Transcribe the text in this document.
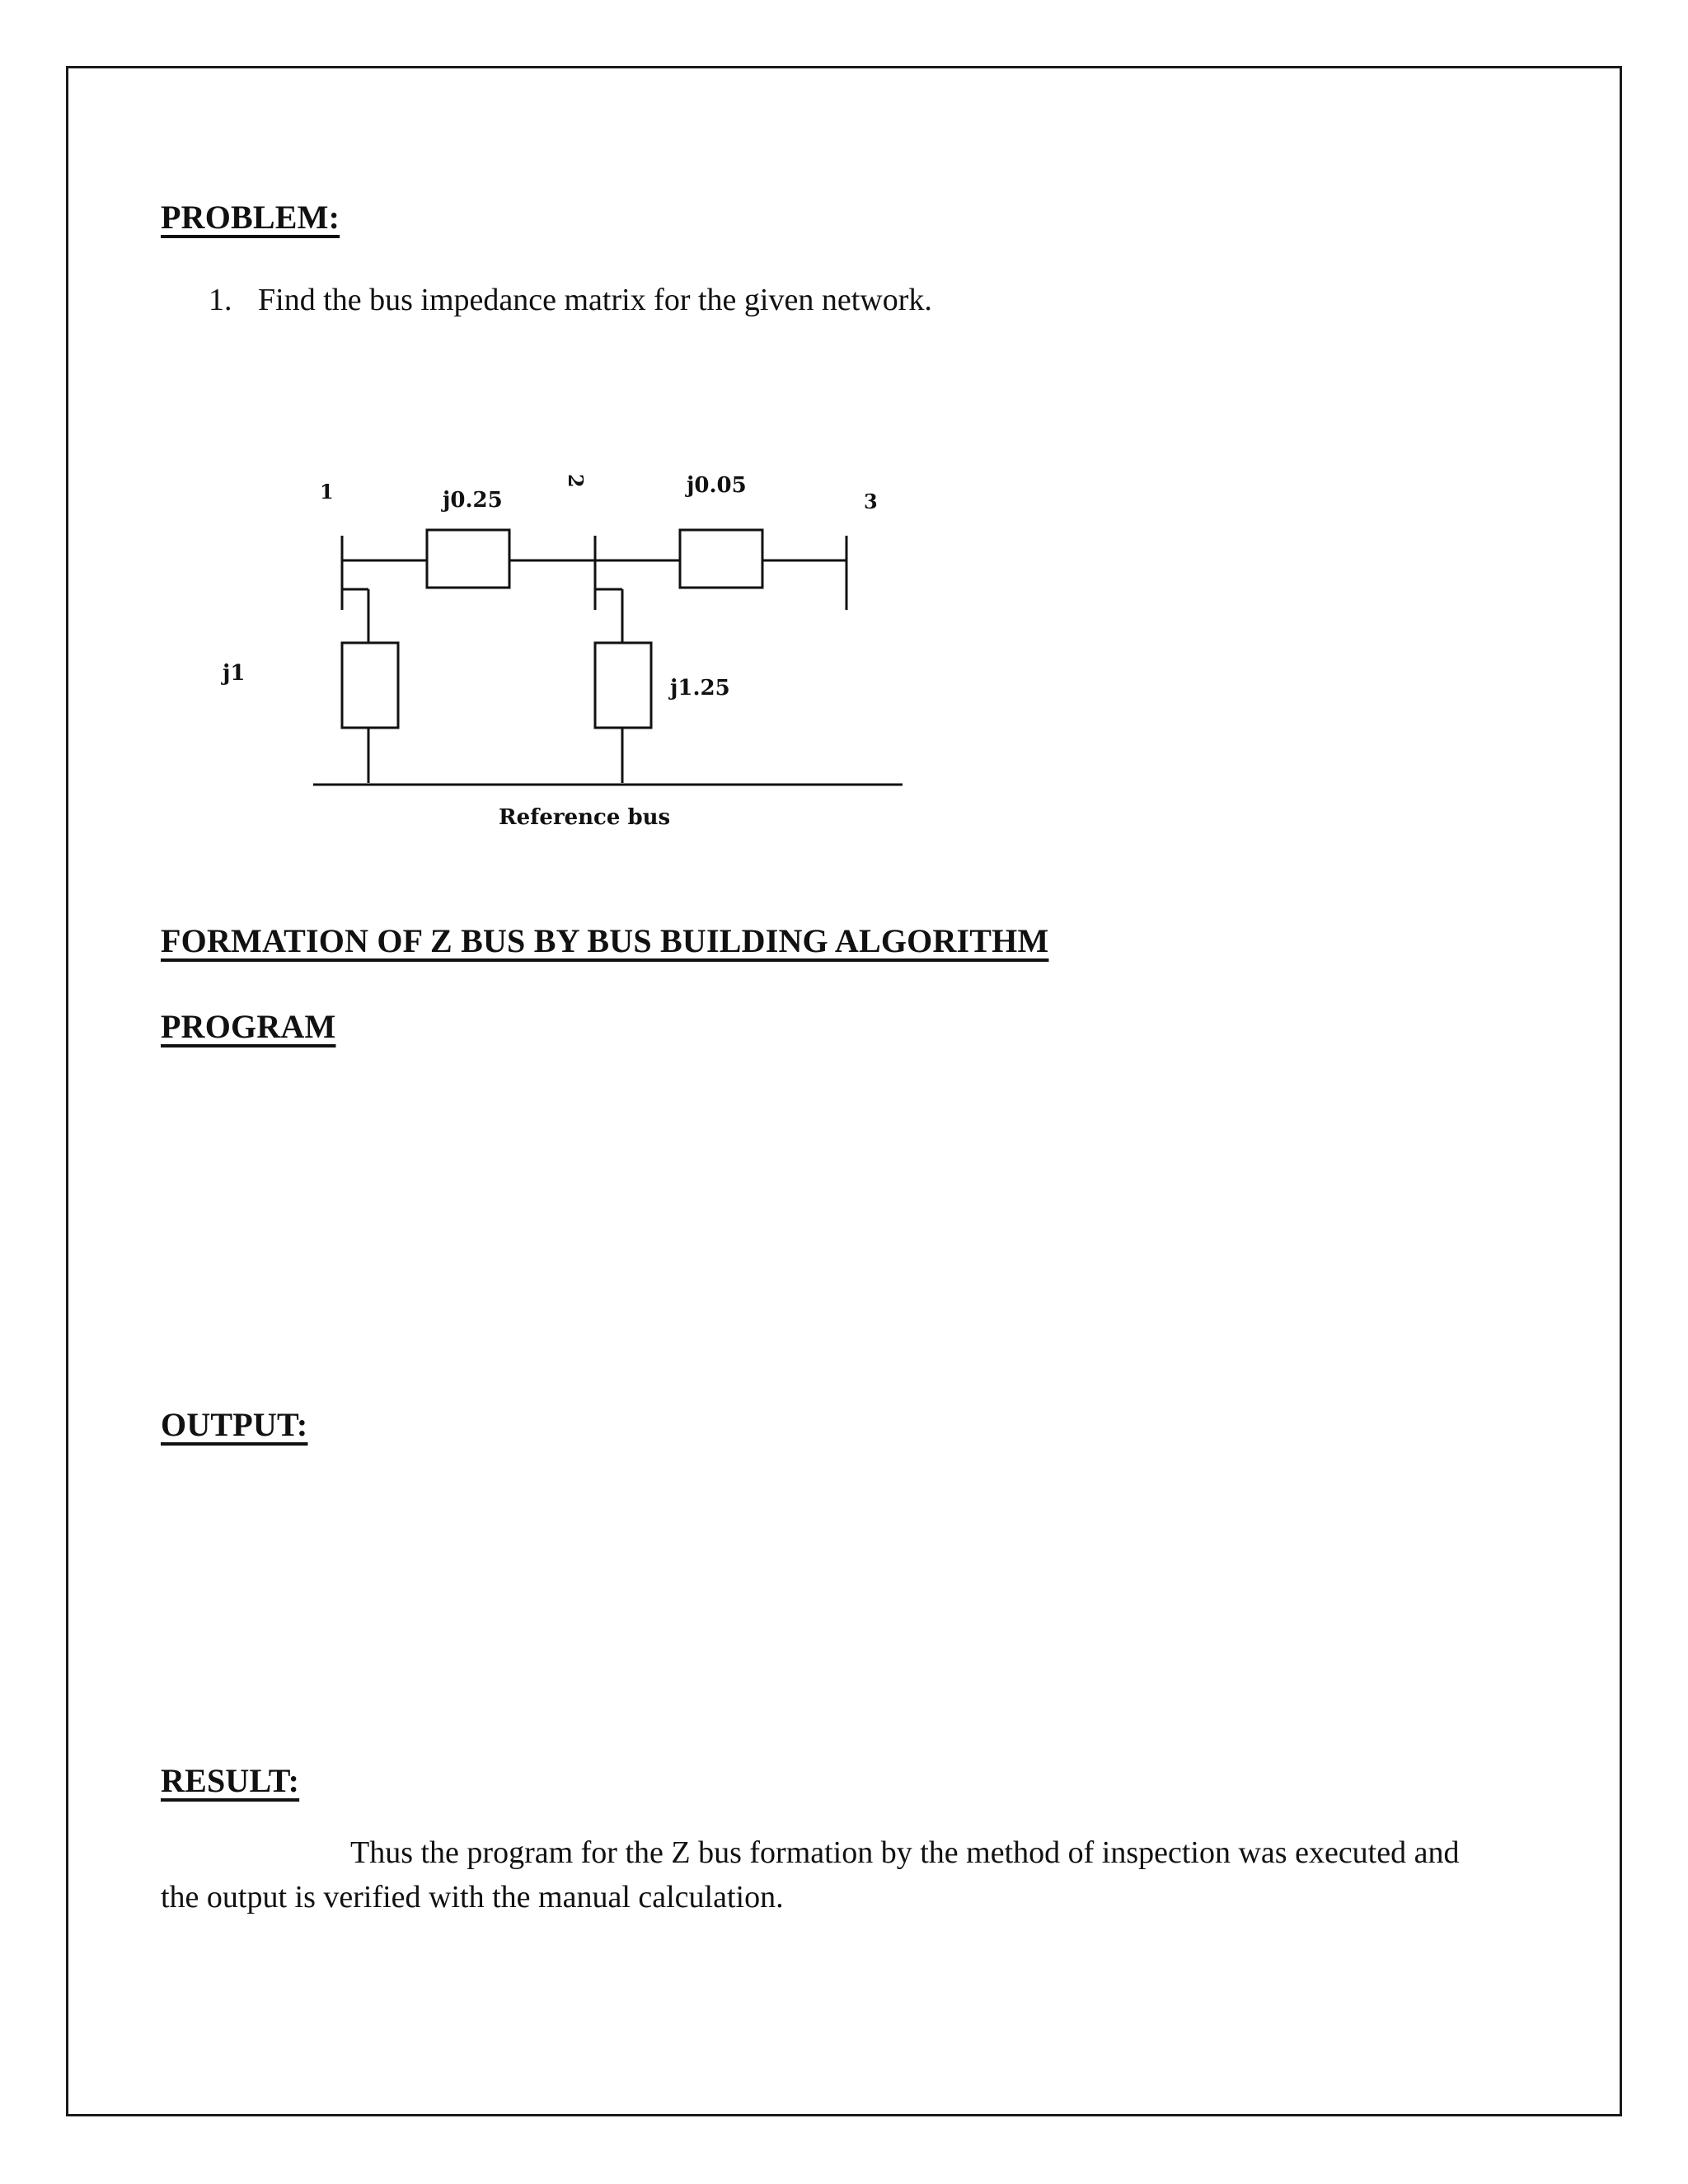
PROBLEM:
1. Find the bus impedance matrix for the given network.
1	2
3
j0.25
j0.05
j1
j1.25
Reference bus
FORMATION OF Z BUS BY BUS BUILDING ALGORITHM
PROGRAM
OUTPUT:
RESULT:
Thus the program for the Z bus formation by the method of inspection was executed and
the output is verified with the manual calculation.
